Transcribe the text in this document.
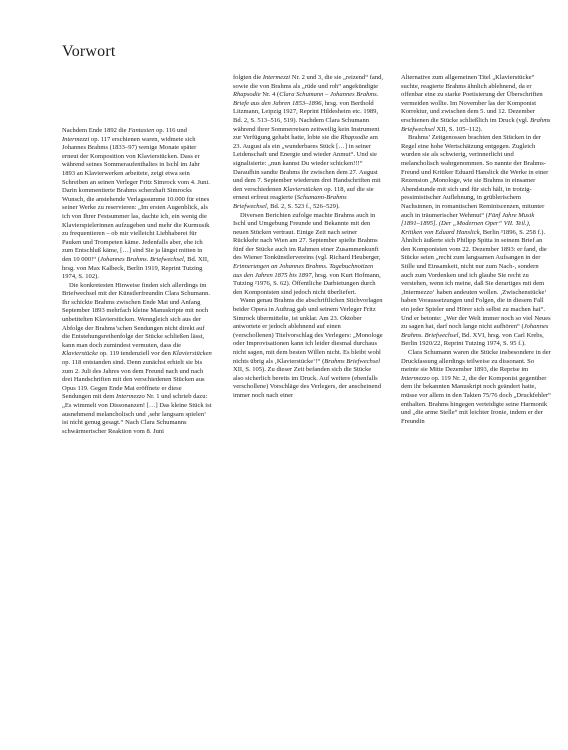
Vorwort

Nachdem Ende 1892 die Fantasien op. 116 und Intermezzi op. 117 erschienen waren, widmete sich Johannes Brahms (1833–97) wenige Monate später erneut der Komposition von Klavierstücken. Dass er während seines Sommeraufenthaltes in Ischl im Jahr 1893 an Klavierwerken arbeitete, zeigt etwa sein Schreiben an seinen Verleger Fritz Simrock vom 4. Juni. Darin kommentierte Brahms scherzhaft Simrocks Wunsch, die anstehende Verlagssumme 10.000 für eines seiner Werke zu reservieren: „Im ersten Augenblick, als ich von Ihrer Festsummer las, dachte ich, ein wenig die Klavierspielerinnen aufzugeben und mehr die Kurmusik zu frequentieren – ob mir vielleicht Liebhaberei für Pauken und Trompeten käme. Jedenfalls aber, ehe ich zum Entschluß käme, […] sind Sie ja längst mitten in den 10 000!“ (Johannes Brahms. Briefwechsel, Bd. XII, hrsg. von Max Kalbeck, Berlin 1919, Reprint Tutzing 1974, S. 102).

Die konkretesten Hinweise finden sich allerdings im Briefwechsel mit der Künstlerfreundin Clara Schumann. Ihr schickte Brahms zwischen Ende Mai und Anfang September 1893 mehrfach kleine Manuskripte mit noch unbetitelten Klavierstücken. Wenngleich sich aus der Abfolge der Brahms’schen Sendungen nicht direkt auf die Entstehungsreihenfolge der Stücke schließen lässt, kann man doch zumindest vermuten, dass die Klavierstücke op. 119 tendenziell vor den Klavierstücken op. 118 entstanden sind. Denn zunächst erhielt sie bis zum 2. Juli des Jahres von dem Freund nach und nach drei Handschriften mit den verschiedenen Stücken aus Opus 119. Gegen Ende Mai eröffnete er diese Sendungen mit dem Intermezzo Nr. 1 und schrieb dazu: „Es wimmelt von Dissonanzen! […] Das kleine Stück ist ausnehmend melancholisch und ‚sehr langsam spielen‘ ist nicht genug gesagt.“ Nach Clara Schumanns schwärmerischer Reaktion vom 8. Juni

folgten die Intermezzi Nr. 2 und 3, die sie „reizend“ fand, sowie die von Brahms als „rüde und roh“ angekündigte Rhapsodie Nr. 4 (Clara Schumann – Johannes Brahms. Briefe aus den Jahren 1853–1896, hrsg. von Berthold Litzmann, Leipzig 1927, Reprint Hildesheim etc. 1989, Bd. 2, S. 513–516, 519). Nachdem Clara Schumann während ihrer Sommerreisen zeitweilig kein Instrument zur Verfügung gehabt hatte, lobte sie die Rhapsodie am 23. August als ein „wunderbares Stück […] in seiner Leidenschaft und Energie und wieder Anmut“. Und sie signalisierte: „nun kannst Du wieder schicken!!!“ Daraufhin sandte Brahms ihr zwischen dem 27. August und dem 7. September wiederum drei Handschriften mit den verschiedenen Klavierstücken op. 118, auf die sie erneut erfreut reagierte (Schumann-Brahms Briefwechsel, Bd. 2, S. 523 f., 526–529).

Diversen Berichten zufolge machte Brahms auch in Ischl und Umgebung Freunde und Bekannte mit den neuen Stücken vertraut. Einige Zeit nach seiner Rückkehr nach Wien am 27. September spielte Brahms fünf der Stücke auch im Rahmen einer Zusammenkunft des Wiener Tonkünstlervereins (vgl. Richard Heuberger, Erinnerungen an Johannes Brahms. Tagebuchnotizen aus den Jahren 1875 bis 1897, hrsg. von Kurt Hofmann, Tutzing ²1976, S. 62). Öffentliche Darbietungen durch den Komponisten sind jedoch nicht überliefert.

Wann genau Brahms die abschriftlichen Stichvorlagen beider Opera in Auftrag gab und seinem Verleger Fritz Simrock übermittelte, ist unklar. Am 23. Oktober antwortete er jedoch ablehnend auf einen (verschollenen) Titelvorschlag des Verlegers: „Monologe oder Improvisationen kann ich leider diesmal durchaus nicht sagen, mit dem besten Willen nicht. Es bleibt wohl nichts übrig als ‚Klavierstücke‘!“ (Brahms Briefwechsel XII, S. 105). Zu dieser Zeit befanden sich die Stücke also sicherlich bereits im Druck. Auf weitere (ebenfalls verschollene) Vorschläge des Verlegers, der anscheinend immer noch nach einer

Alternative zum allgemeinen Titel „Klavierstücke“ suchte, reagierte Brahms ähnlich ablehnend, da er offenbar eine zu starke Poetisierung der Überschriften vermeiden wollte. Im November las der Komponist Korrektur, und zwischen dem 5. und 12. Dezember erschienen die Stücke schließlich im Druck (vgl. Brahms Briefwechsel XII, S. 105–112).

Brahms’ Zeitgenossen brachten den Stücken in der Regel eine hohe Wertschätzung entgegen. Zugleich wurden sie als schwierig, verinnerlicht und melancholisch wahrgenommen. So nannte der Brahms-Freund und Kritiker Eduard Hanslick die Werke in einer Rezension „Monologe, wie sie Brahms in einsamer Abendstunde mit sich und für sich hält, in trotzig-pessimistischer Auflehnung, in grüblerischem Nachsinnen, in romantischen Reminiscenzen, mitunter auch in träumerischer Wehmut“ (Fünf Jahre Musik [1891–1895]. (Der „Modernen Oper“ VII. Teil.), Kritiken von Eduard Hanslick, Berlin ³1896, S. 258 f.). Ähnlich äußerte sich Philipp Spitta in seinem Brief an den Komponisten vom 22. Dezember 1893: er fand, die Stücke seien „recht zum langsamen Aufsangen in der Stille und Einsamkeit, nicht nur zum Nach-, sondern auch zum Vordenken und ich glaube Sie recht zu verstehen, wenn ich meine, daß Sie derartiges mit dem ‚Intermezzo‘ haben andeuten wollen. ‚Zwischenstücke‘ haben Voraussetzungen und Folgen, die in diesem Fall ein jeder Spieler und Hörer sich selbst zu machen hat“. Und er betonte: „Wer der Welt immer noch so viel Neues zu sagen hat, darf noch lange nicht aufhören“ (Johannes Brahms. Briefwechsel, Bd. XVI, hrsg. von Carl Krebs, Berlin 1920/22, Reprint Tutzing 1974, S. 95 f.).

Clara Schumann waren die Stücke insbesondere in der Druckfassung allerdings teilweise zu dissonant. So meinte sie Mitte Dezember 1893, die Reprise im Intermezzo op. 119 Nr. 2, die der Komponist gegenüber dem ihr bekannten Manuskript noch geändert hatte, müsse vor allem in den Takten 75/76 doch „Druckfehler“ enthalten. Brahms hingegen verteidigte seine Harmonik und „die arme Stelle“ mit leichter Ironie, indem er der Freundin
